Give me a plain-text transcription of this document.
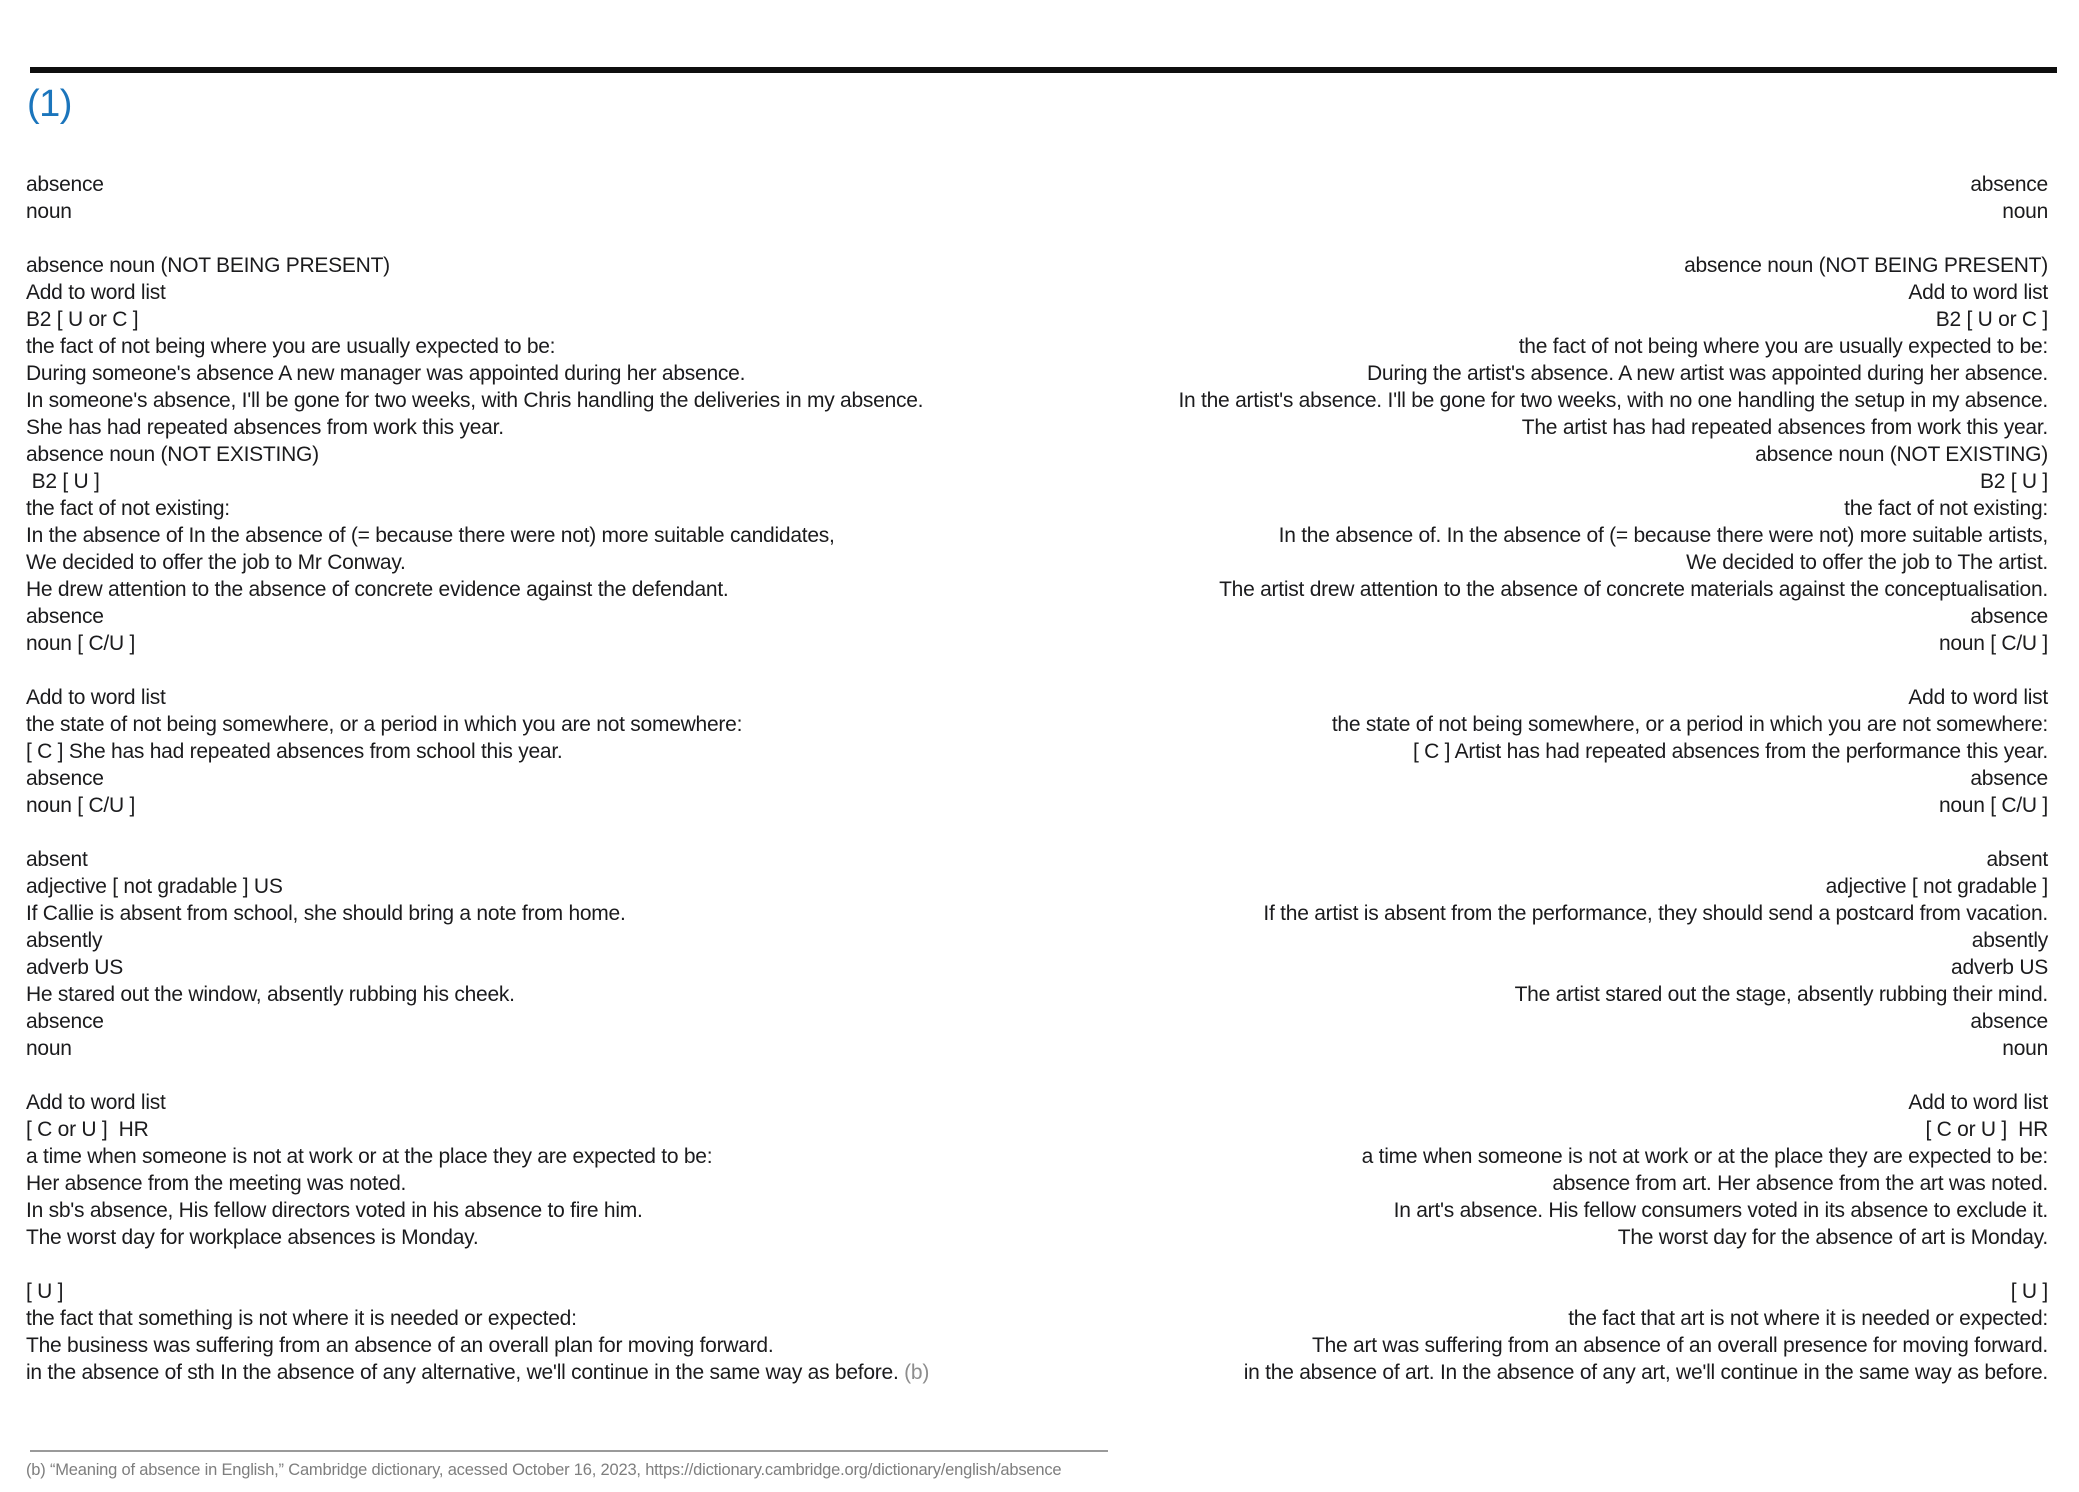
(1)
absence
noun

absence noun (NOT BEING PRESENT)
Add to word list
B2 [ U or C ]
the fact of not being where you are usually expected to be:
During someone's absence A new manager was appointed during her absence.
In someone's absence, I'll be gone for two weeks, with Chris handling the deliveries in my absence.
She has had repeated absences from work this year.
absence noun (NOT EXISTING)
B2 [ U ]
the fact of not existing:
In the absence of In the absence of (= because there were not) more suitable candidates,
We decided to offer the job to Mr Conway.
He drew attention to the absence of concrete evidence against the defendant.
absence
noun [ C/U ]

Add to word list
the state of not being somewhere, or a period in which you are not somewhere:
[ C ] She has had repeated absences from school this year.
absence
noun [ C/U ]

absent
adjective [ not gradable ] US
If Callie is absent from school, she should bring a note from home.
absently
adverb US
He stared out the window, absently rubbing his cheek.
absence
noun

Add to word list
[ C or U ]  HR
a time when someone is not at work or at the place they are expected to be:
Her absence from the meeting was noted.
In sb's absence, His fellow directors voted in his absence to fire him.
The worst day for workplace absences is Monday.

[ U ]
the fact that something is not where it is needed or expected:
The business was suffering from an absence of an overall plan for moving forward.
in the absence of sth In the absence of any alternative, we'll continue in the same way as before. (b)
absence
noun

absence noun (NOT BEING PRESENT)
Add to word list
B2 [ U or C ]
the fact of not being where you are usually expected to be:
During the artist's absence. A new artist was appointed during her absence.
In the artist's absence. I'll be gone for two weeks, with no one handling the setup in my absence.
The artist has had repeated absences from work this year.
absence noun (NOT EXISTING)
B2 [ U ]
the fact of not existing:
In the absence of. In the absence of (= because there were not) more suitable artists,
We decided to offer the job to The artist.
The artist drew attention to the absence of concrete materials against the conceptualisation.
absence
noun [ C/U ]

Add to word list
the state of not being somewhere, or a period in which you are not somewhere:
[ C ] Artist has had repeated absences from the performance this year.
absence
noun [ C/U ]

absent
adjective [ not gradable ]
If the artist is absent from the performance, they should send a postcard from vacation.
absently
adverb US
The artist stared out the stage, absently rubbing their mind.
absence
noun

Add to word list
[ C or U ]  HR
a time when someone is not at work or at the place they are expected to be:
absence from art. Her absence from the art was noted.
In art's absence. His fellow consumers voted in its absence to exclude it.
The worst day for the absence of art is Monday.

[ U ]
the fact that art is not where it is needed or expected:
The art was suffering from an absence of an overall presence for moving forward.
in the absence of art. In the absence of any art, we'll continue in the same way as before.
(b) “Meaning of absence in English,” Cambridge dictionary, acessed October 16, 2023, https://dictionary.cambridge.org/dictionary/english/absence
